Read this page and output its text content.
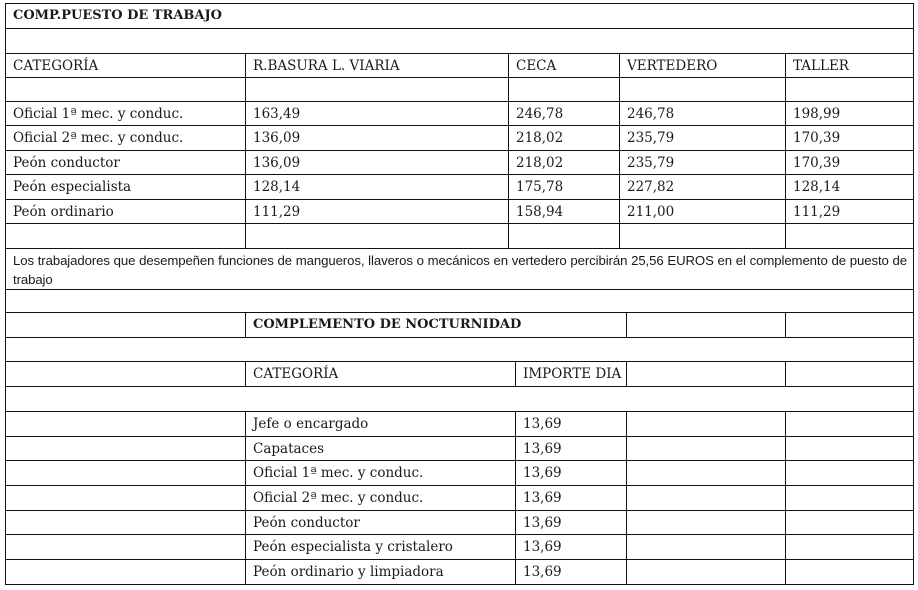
COMP.PUESTO DE TRABAJO
CATEGORÍA	R.BASURA L. VIARIA	CECA	VERTEDERO	TALLER
Oficial 1ª mec. y conduc.	163,49	246,78	246,78	198,99
Oficial 2ª mec. y conduc.	136,09	218,02	235,79	170,39
Peón conductor	136,09	218,02	235,79	170,39
Peón especialista	128,14	175,78	227,82	128,14
Peón ordinario	111,29	158,94	211,00	111,29
Los trabajadores que desempeñen funciones de mangueros, llaveros o mecánicos en vertedero percibirán 25,56 EUROS en el complemento de puesto de trabajo
COMPLEMENTO DE NOCTURNIDAD
CATEGORÍA	IMPORTE DIA
Jefe o encargado	13,69
Capataces	13,69
Oficial 1ª mec. y conduc.	13,69
Oficial 2ª mec. y conduc.	13,69
Peón conductor	13,69
Peón especialista y cristalero	13,69
Peón ordinario y limpiadora	13,69
